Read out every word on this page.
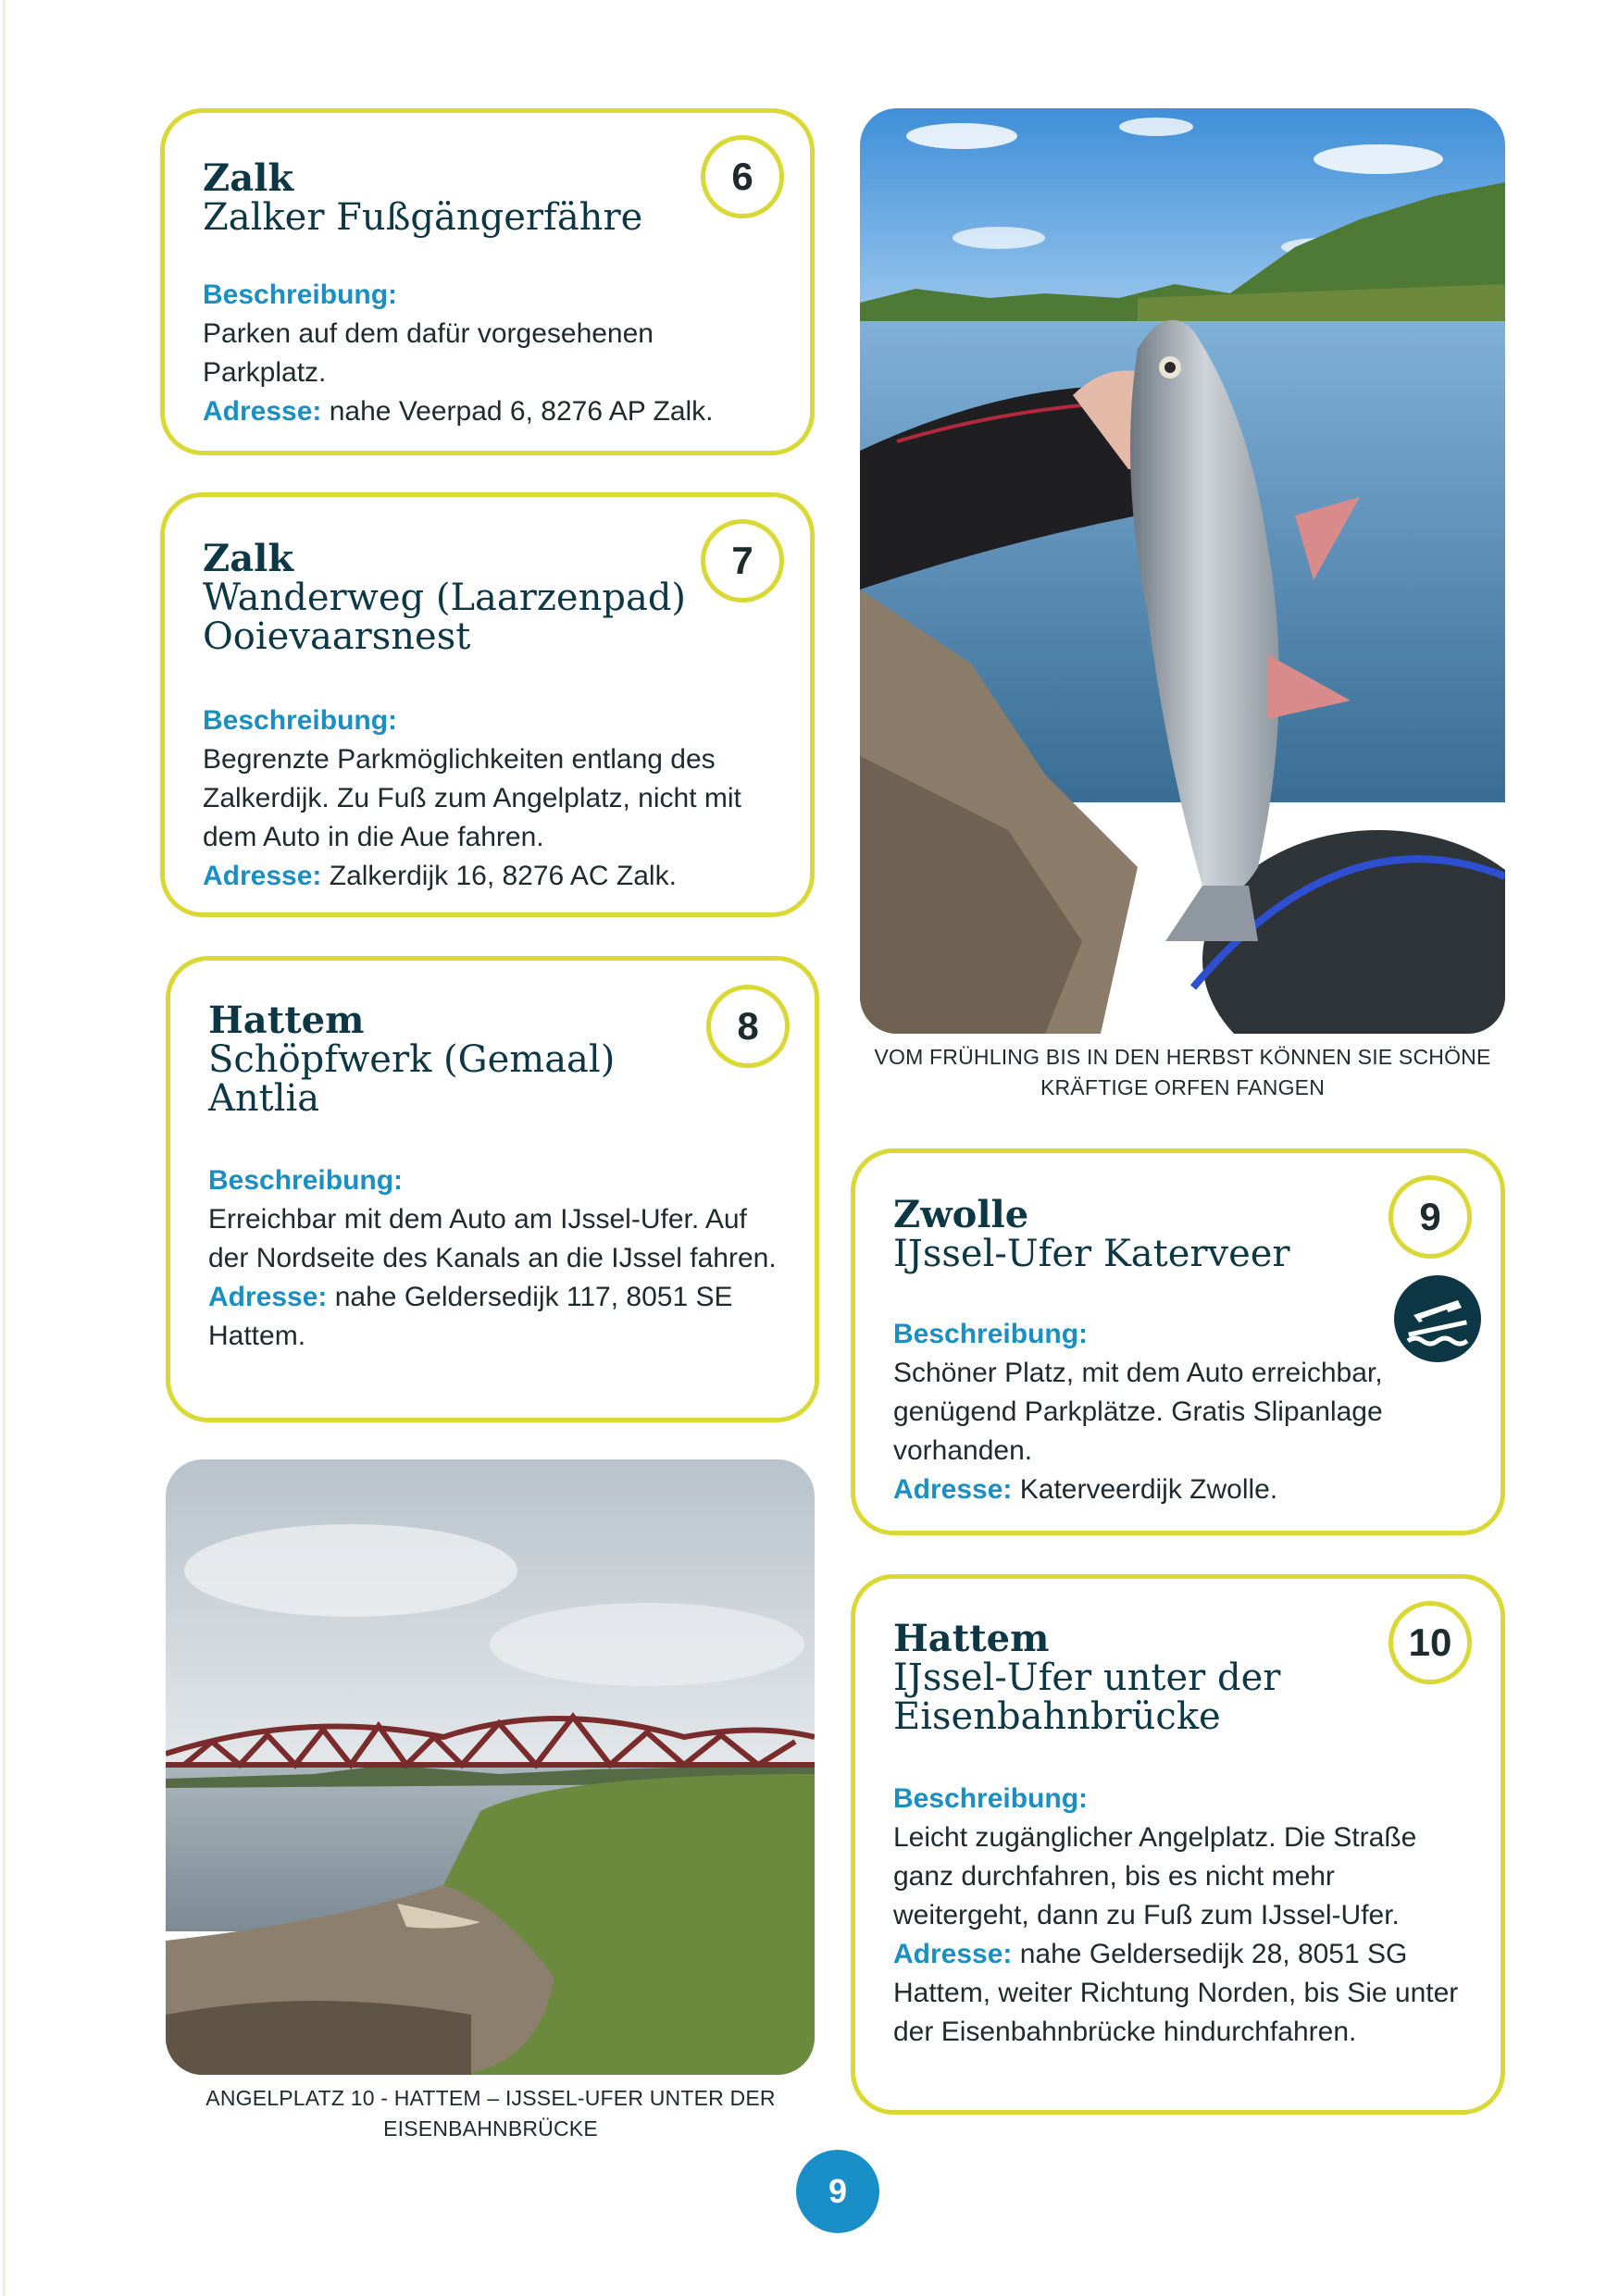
Zalk
Zalker Fußgängerfähre
6
Beschreibung:
Parken auf dem dafür vorgesehenen Parkplatz.
Adresse: nahe Veerpad 6, 8276 AP Zalk.
Zalk
Wanderweg (Laarzenpad)
Ooievaarsnest
7
Beschreibung:
Begrenzte Parkmöglichkeiten entlang des Zalkerdijk. Zu Fuß zum Angelplatz, nicht mit dem Auto in die Aue fahren.
Adresse: Zalkerdijk 16, 8276 AC Zalk.
Hattem
Schöpfwerk (Gemaal)
Antlia
8
Beschreibung:
Erreichbar mit dem Auto am IJssel-Ufer. Auf der Nordseite des Kanals an die IJssel fahren.
Adresse: nahe Geldersedijk 117, 8051 SE Hattem.
Zwolle
IJssel-Ufer Katerveer
9
Beschreibung:
Schöner Platz, mit dem Auto erreichbar, genügend Parkplätze. Gratis Slipanlage vorhanden.
Adresse: Katerveerdijk Zwolle.
Hattem
IJssel-Ufer unter der
Eisenbahnbrücke
10
Beschreibung:
Leicht zugänglicher Angelplatz. Die Straße ganz durchfahren, bis es nicht mehr weitergeht, dann zu Fuß zum IJssel-Ufer.
Adresse: nahe Geldersedijk 28, 8051 SG Hattem, weiter Richtung Norden, bis Sie unter der Eisenbahnbrücke hindurchfahren.
VOM FRÜHLING BIS IN DEN HERBST KÖNNEN SIE SCHÖNE KRÄFTIGE ORFEN FANGEN
ANGELPLATZ 10 - HATTEM – IJSSEL-UFER UNTER DER EISENBAHNBRÜCKE
9
